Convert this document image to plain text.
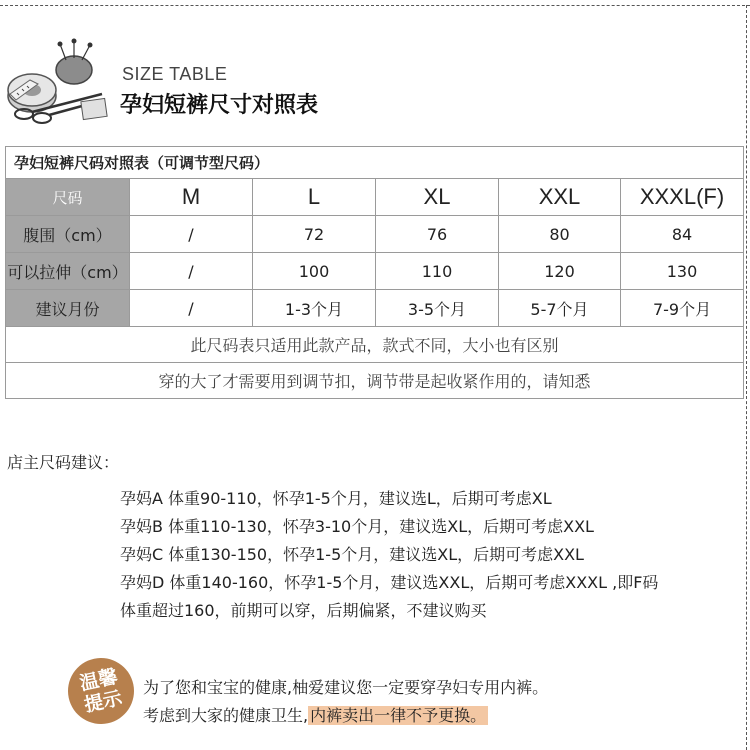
SIZE TABLE
孕妇短裤尺寸对照表
孕妇短裤尺码对照表（可调节型尺码）					
尺码	M	L	XL	XXL	XXXL(F)
腹围（cm）	/	72	76	80	84
可以拉伸（cm）	/	100	110	120	130
建议月份	/	1-3个月	3-5个月	5-7个月	7-9个月
此尺码表只适用此款产品，款式不同，大小也有区别					
穿的大了才需要用到调节扣，调节带是起收紧作用的，请知悉					
店主尺码建议：
孕妈A 体重90-110，怀孕1-5个月，建议选L，后期可考虑XL
孕妈B 体重110-130，怀孕3-10个月，建议选XL，后期可考虑XXL
孕妈C 体重130-150，怀孕1-5个月，建议选XL，后期可考虑XXL
孕妈D 体重140-160，怀孕1-5个月，建议选XXL，后期可考虑XXXL ,即F码
体重超过160，前期可以穿，后期偏紧，不建议购买
温馨
提示 为了您和宝宝的健康,柚爱建议您一定要穿孕妇专用内裤。
考虑到大家的健康卫生, 内裤卖出一律不予更换。
